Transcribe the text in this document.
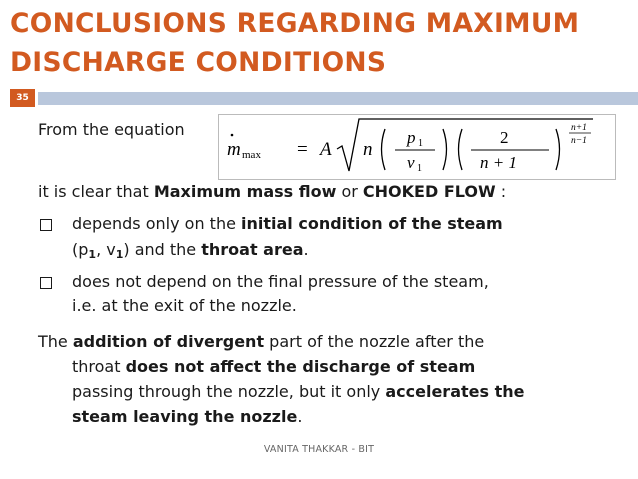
CONCLUSIONS REGARDING MAXIMUM
DISCHARGE CONDITIONS
35
From the equation
it is clear that Maximum mass flow or CHOKED FLOW :
depends only on the initial condition of the steam
($p_1$, $v_1$) and the throat area.
does not depend on the final pressure of the steam,
i.e. at the exit of the nozzle.
The addition of divergent part of the nozzle after the
throat does not affect the discharge of steam
passing through the nozzle, but it only accelerates the
steam leaving the nozzle.
m max = A n
p 1
ν 1
2
n + 1
n+1
n−1
VANITA THAKKAR - BIT
